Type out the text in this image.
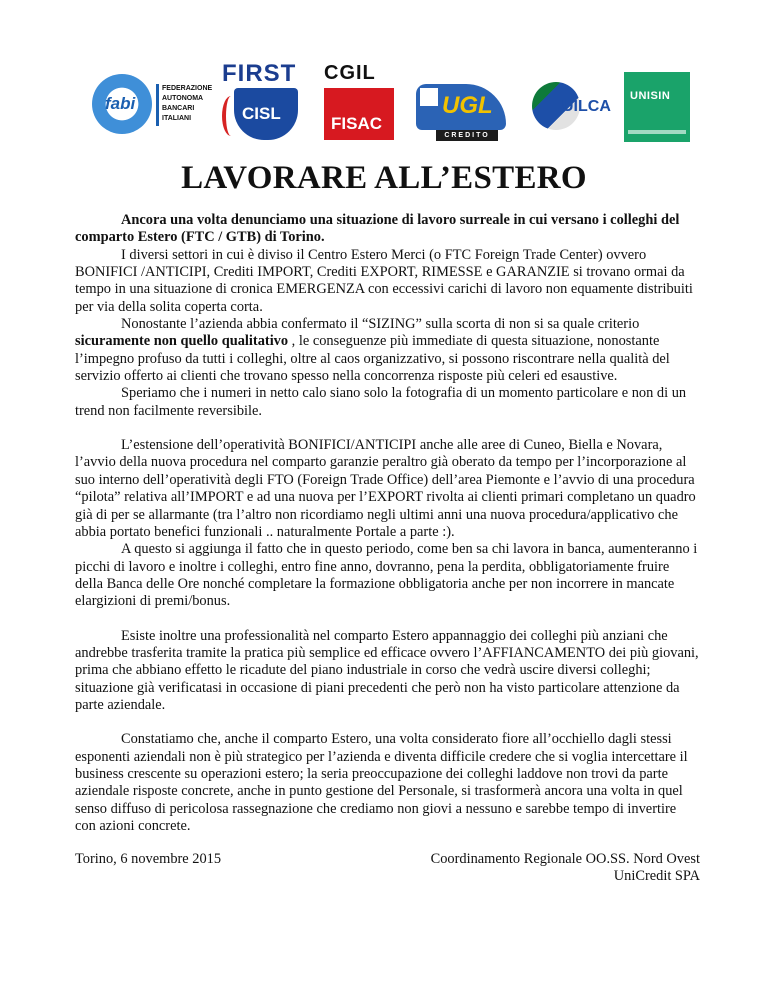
fabi
FEDERAZIONE
AUTONOMA
BANCARI
ITALIANI
FIRST
CISL
CGIL
FISAC
UGL
CREDITO
UILCA
UNISIN
LAVORARE ALL’ESTERO

Ancora una volta denunciamo una situazione di lavoro surreale in cui versano i colleghi del comparto Estero (FTC / GTB) di Torino.

I diversi settori in cui è diviso il Centro Estero Merci (o FTC Foreign Trade Center) ovvero BONIFICI /ANTICIPI, Crediti IMPORT, Crediti EXPORT, RIMESSE e GARANZIE si trovano ormai da tempo in una situazione di cronica EMERGENZA con eccessivi carichi di lavoro non equamente distribuiti per via della solita coperta corta.

Nonostante l’azienda abbia confermato il “SIZING” sulla scorta di non si sa quale criterio sicuramente non quello qualitativo , le conseguenze più immediate di questa situazione, nonostante l’impegno profuso da tutti i colleghi, oltre al caos organizzativo, si possono riscontrare nella qualità del servizio offerto ai clienti che trovano spesso nella concorrenza risposte più celeri ed esaustive.

Speriamo che i numeri in netto calo siano solo la fotografia di un momento particolare e non di un trend non facilmente reversibile.

L’estensione dell’operatività BONIFICI/ANTICIPI anche alle aree di Cuneo, Biella e Novara, l’avvio della nuova procedura nel comparto garanzie peraltro già oberato da tempo per l’incorporazione al suo interno dell’operatività degli FTO (Foreign Trade Office) dell’area Piemonte e l’avvio di una procedura “pilota” relativa all’IMPORT e ad una nuova per l’EXPORT rivolta ai clienti primari completano un quadro già di per se allarmante (tra l’altro non ricordiamo negli ultimi anni una nuova procedura/applicativo che abbia portato benefici funzionali .. naturalmente Portale a parte :).

A questo si aggiunga il fatto che in questo periodo, come ben sa chi lavora in banca, aumenteranno i picchi di lavoro e inoltre i colleghi, entro fine anno, dovranno, pena la perdita, obbligatoriamente fruire della Banca delle Ore nonché completare la formazione obbligatoria anche per non incorrere in mancate elargizioni di premi/bonus.

Esiste inoltre una professionalità nel comparto Estero appannaggio dei colleghi più anziani che andrebbe trasferita tramite la pratica più semplice ed efficace ovvero l’AFFIANCAMENTO dei più giovani, prima che abbiano effetto le ricadute del piano industriale in corso che vedrà uscire diversi colleghi; situazione già verificatasi in occasione di piani precedenti che però non ha visto particolare attenzione da parte aziendale.

Constatiamo che, anche il comparto Estero, una volta considerato fiore all’occhiello dagli stessi esponenti aziendali non è più strategico per l’azienda e diventa difficile credere che si voglia intercettare il business crescente su operazioni estero; la seria preoccupazione dei colleghi laddove non trovi da parte aziendale risposte concrete, anche in punto gestione del Personale, si trasformerà ancora una volta in quel senso diffuso di pericolosa rassegnazione che crediamo non giovi a nessuno e sarebbe tempo di invertire con azioni concrete.

Torino, 6 novembre 2015	Coordinamento Regionale OO.SS. Nord Ovest
UniCredit SPA
